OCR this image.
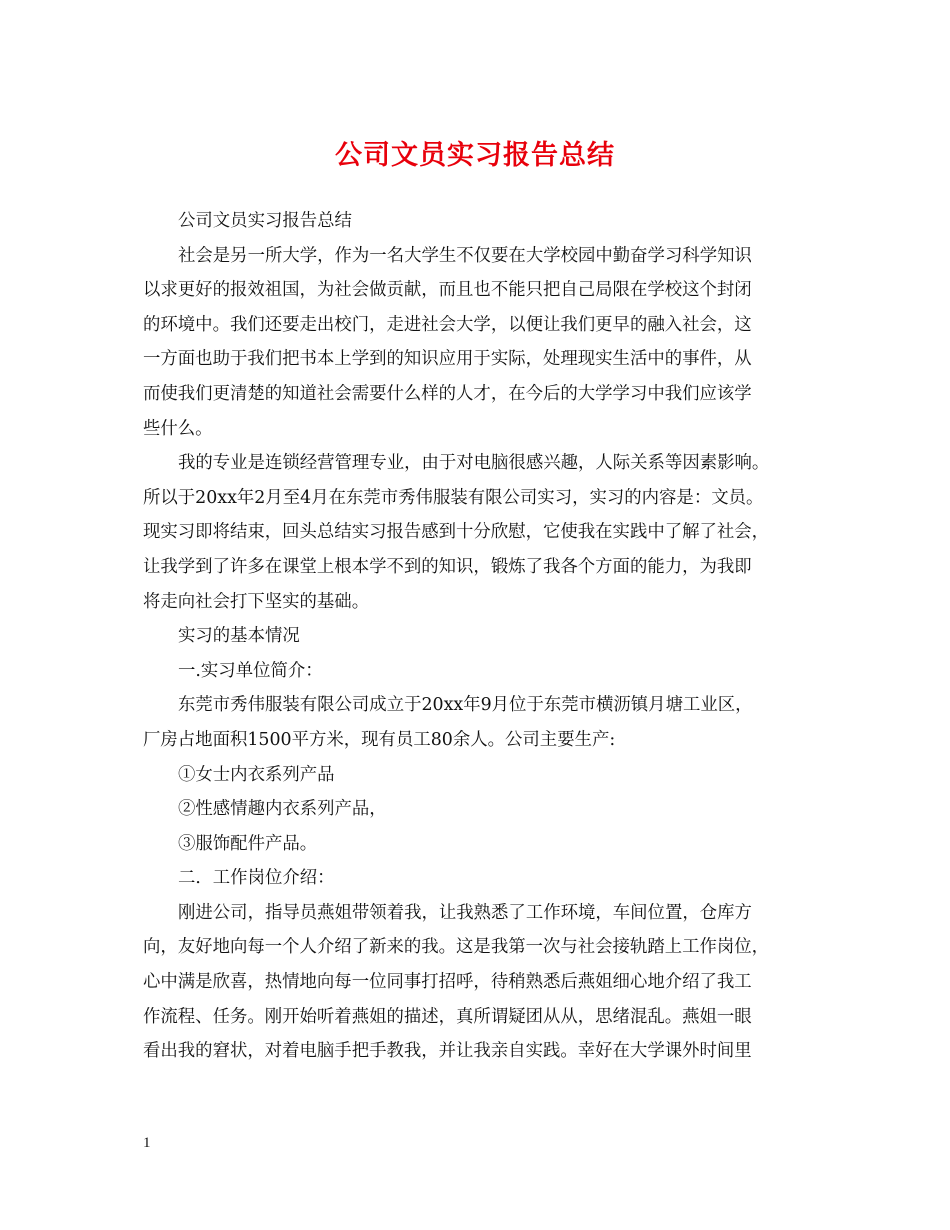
公司文员实习报告总结
公司文员实习报告总结
社会是另一所大学，作为一名大学生不仅要在大学校园中勤奋学习科学知识
以求更好的报效祖国，为社会做贡献，而且也不能只把自己局限在学校这个封闭
的环境中。我们还要走出校门，走进社会大学，以便让我们更早的融入社会，这
一方面也助于我们把书本上学到的知识应用于实际，处理现实生活中的事件，从
而使我们更清楚的知道社会需要什么样的人才，在今后的大学学习中我们应该学
些什么。
我的专业是连锁经营管理专业，由于对电脑很感兴趣，人际关系等因素影响。
所以于20xx年2月至4月在东莞市秀伟服装有限公司实习，实习的内容是：文员。
现实习即将结束，回头总结实习报告感到十分欣慰，它使我在实践中了解了社会，
让我学到了许多在课堂上根本学不到的知识，锻炼了我各个方面的能力，为我即
将走向社会打下坚实的基础。
实习的基本情况
一.实习单位简介：
东莞市秀伟服装有限公司成立于20xx年9月位于东莞市横沥镇月塘工业区，
厂房占地面积1500平方米，现有员工80余人。公司主要生产:
①女士内衣系列产品
②性感情趣内衣系列产品，
③服饰配件产品。
二．工作岗位介绍：
刚进公司，指导员燕姐带领着我，让我熟悉了工作环境，车间位置，仓库方
向，友好地向每一个人介绍了新来的我。这是我第一次与社会接轨踏上工作岗位，
心中满是欣喜，热情地向每一位同事打招呼，待稍熟悉后燕姐细心地介绍了我工
作流程、任务。刚开始听着燕姐的描述，真所谓疑团从从，思绪混乱。燕姐一眼
看出我的窘状，对着电脑手把手教我，并让我亲自实践。幸好在大学课外时间里
1
